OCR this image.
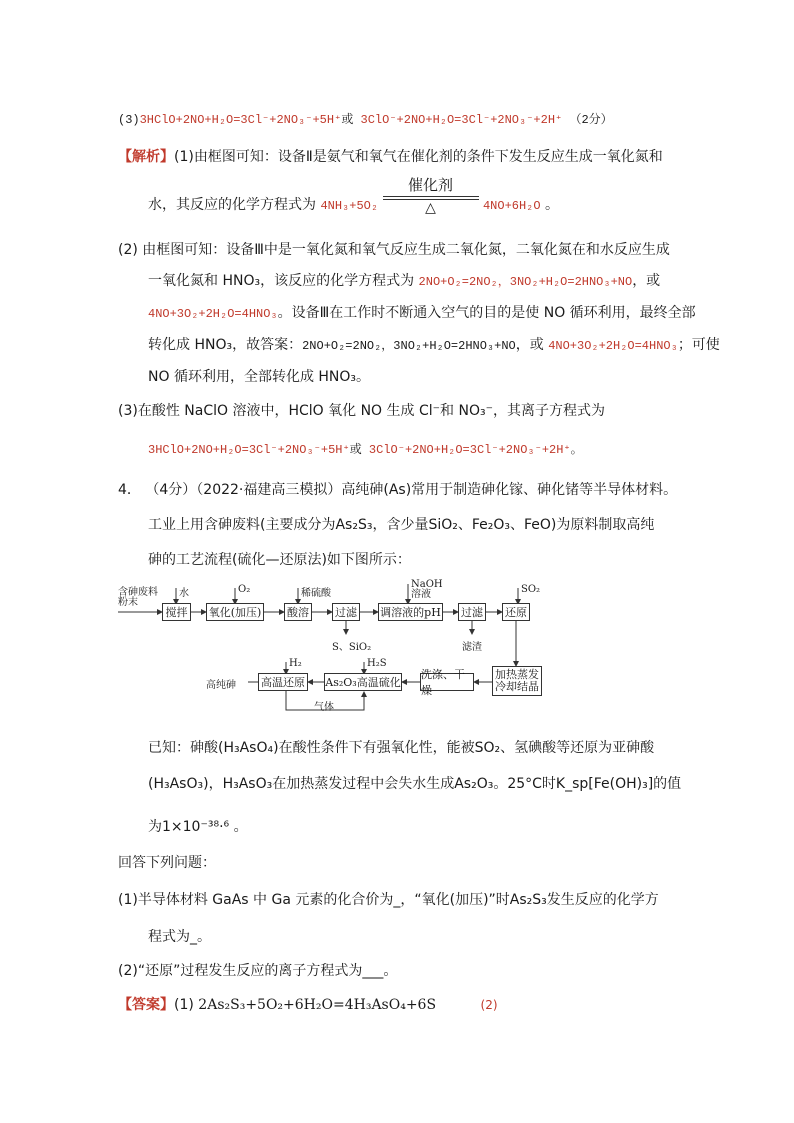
(3)3HClO+2NO+H₂O=3Cl⁻+2NO₃⁻+5H⁺或 3ClO⁻+2NO+H₂O=3Cl⁻+2NO₃⁻+2H⁺ （2分）
【解析】(1)由框图可知：设备Ⅱ是氨气和氧气在催化剂的条件下发生反应生成一氧化氮和
水，其反应的化学方程式为 4NH₃+5O₂
催化剂
△	4NO+6H₂O 。
(2) 由框图可知：设备Ⅲ中是一氧化氮和氧气反应生成二氧化氮，二氧化氮在和水反应生成
一氧化氮和 HNO₃，该反应的化学方程式为 2NO+O₂=2NO₂，3NO₂+H₂O=2HNO₃+NO，或
4NO+3O₂+2H₂O=4HNO₃。设备Ⅲ在工作时不断通入空气的目的是使 NO 循环利用，最终全部
转化成 HNO₃，故答案：2NO+O₂=2NO₂，3NO₂+H₂O=2HNO₃+NO，或 4NO+3O₂+2H₂O=4HNO₃；可使
NO 循环利用，全部转化成 HNO₃。
(3)在酸性 NaClO 溶液中，HClO 氧化 NO 生成 Cl⁻和 NO₃⁻，其离子方程式为
3HClO+2NO+H₂O=3Cl⁻+2NO₃⁻+5H⁺或 3ClO⁻+2NO+H₂O=3Cl⁻+2NO₃⁻+2H⁺。
4． （4分）（2022·福建高三模拟）高纯砷(As)常用于制造砷化镓、砷化锗等半导体材料。
工业上用含砷废料(主要成分为As₂S₃，含少量SiO₂、Fe₂O₃、FeO)为原料制取高纯
砷的工艺流程(硫化—还原法)如下图所示：
含砷废料
粉末
水	O₂	稀硫酸
NaOH
溶液	SO₂
搅拌	氧化(加压) 酸溶 过滤 调溶液的pH 过滤 还原
S、SiO₂	滤渣
加热蒸发
冷却结晶
洗涤、干燥
As₂O₃高温硫化
高温还原
H₂	H₂S
高纯砷
气体
已知：砷酸(H₃AsO₄)在酸性条件下有强氧化性，能被SO₂、氢碘酸等还原为亚砷酸
(H₃AsO₃)，H₃AsO₃在加热蒸发过程中会失水生成As₂O₃。25°C时K_sp[Fe(OH)₃]的值
为1×10⁻³⁸·⁶ 。
回答下列问题：
(1)半导体材料 GaAs 中 Ga 元素的化合价为_，“氧化(加压)”时As₂S₃发生反应的化学方
程式为_。
(2)“还原”过程发生反应的离子方程式为___。
【答案】(1) 2As₂S₃+5O₂+6H₂O=4H₃AsO₄+6S	(2)
